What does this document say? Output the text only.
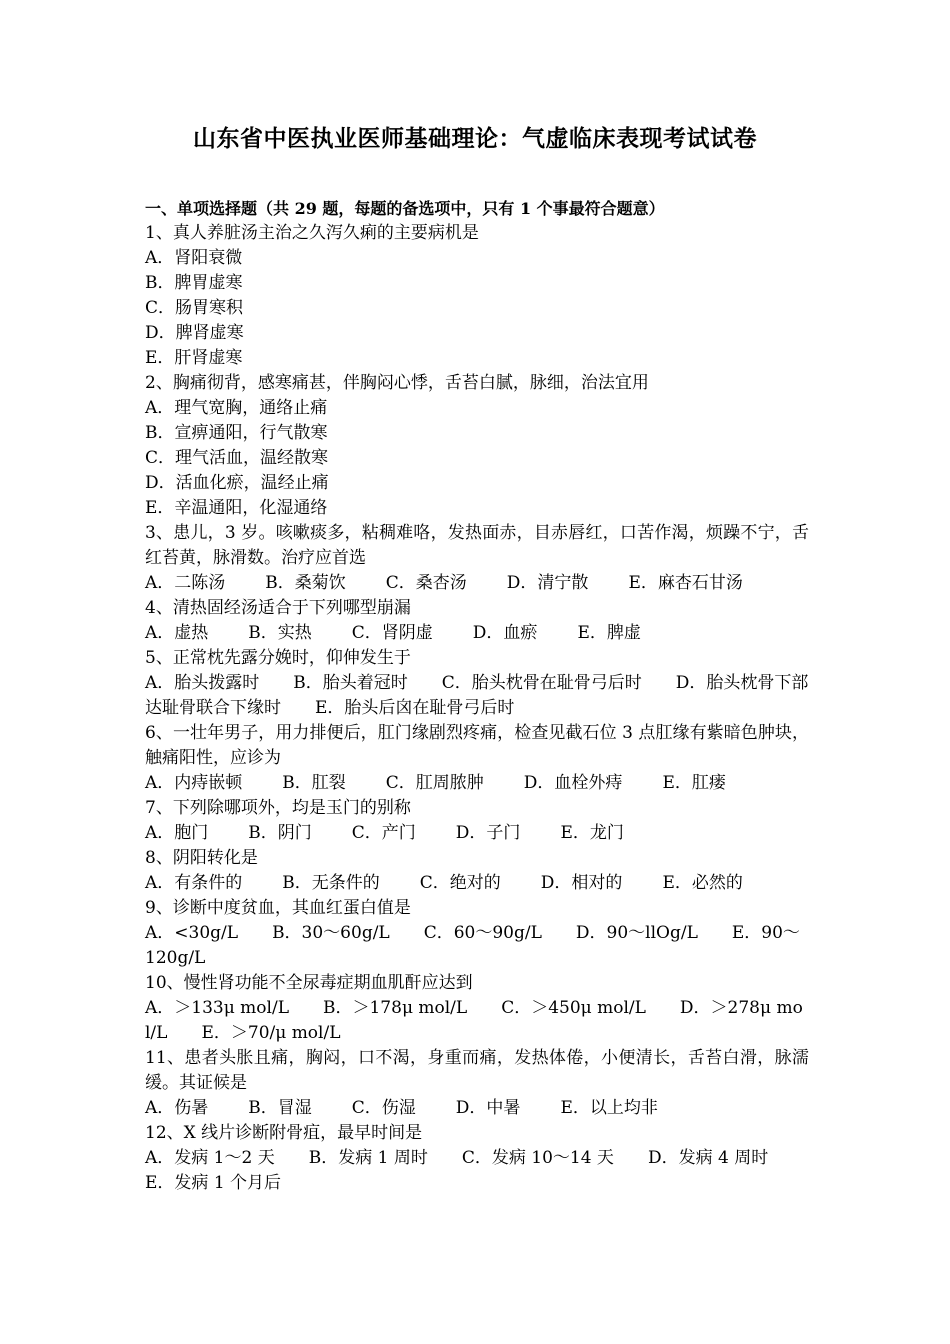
山东省中医执业医师基础理论：气虚临床表现考试试卷
一、单项选择题（共 29 题，每题的备选项中，只有 1 个事最符合题意）
1、真人养脏汤主治之久泻久痢的主要病机是
A．肾阳衰微
B．脾胃虚寒
C．肠胃寒积
D．脾肾虚寒
E．肝肾虚寒
2、胸痛彻背，感寒痛甚，伴胸闷心悸，舌苔白腻，脉细，治法宜用
A．理气宽胸，通络止痛
B．宣痹通阳，行气散寒
C．理气活血，温经散寒
D．活血化瘀，温经止痛
E．辛温通阳，化湿通络
3、患儿，3 岁。咳嗽痰多，粘稠难咯，发热面赤，目赤唇红，口苦作渴，烦躁不宁，舌红苔黄，脉滑数。治疗应首选
A．二陈汤 B．桑菊饮 C．桑杏汤 D．清宁散 E．麻杏石甘汤
4、清热固经汤适合于下列哪型崩漏
A．虚热 B．实热 C．肾阴虚 D．血瘀 E．脾虚
5、正常枕先露分娩时，仰伸发生于
A．胎头拨露时 B．胎头着冠时 C．胎头枕骨在耻骨弓后时 D．胎头枕骨下部达耻骨联合下缘时 E．胎头后囟在耻骨弓后时
6、一壮年男子，用力排便后，肛门缘剧烈疼痛，检查见截石位 3 点肛缘有紫暗色肿块，触痛阳性，应诊为
A．内痔嵌顿 B．肛裂 C．肛周脓肿 D．血栓外痔 E．肛瘘
7、下列除哪项外，均是玉门的别称
A．胞门 B．阴门 C．产门 D．子门 E．龙门
8、阴阳转化是
A．有条件的 B．无条件的 C．绝对的 D．相对的 E．必然的
9、诊断中度贫血，其血红蛋白值是
A．<30g/L B．30～60g/L C．60～90g/L D．90～llOg/L E．90～120g/L
10、慢性肾功能不全尿毒症期血肌酐应达到
A．＞133μ mol/L B．＞178μ mol/L C．＞450μ mol/L D．＞278μ mol/L E．＞70/μ mol/L
11、患者头胀且痛，胸闷，口不渴，身重而痛，发热体倦，小便清长，舌苔白滑，脉濡缓。其证候是
A．伤暑 B．冒湿 C．伤湿 D．中暑 E．以上均非
12、X 线片诊断附骨疽，最早时间是
A．发病 1～2 天 B．发病 1 周时 C．发病 10～14 天 D．发病 4 周时E．发病 1 个月后
